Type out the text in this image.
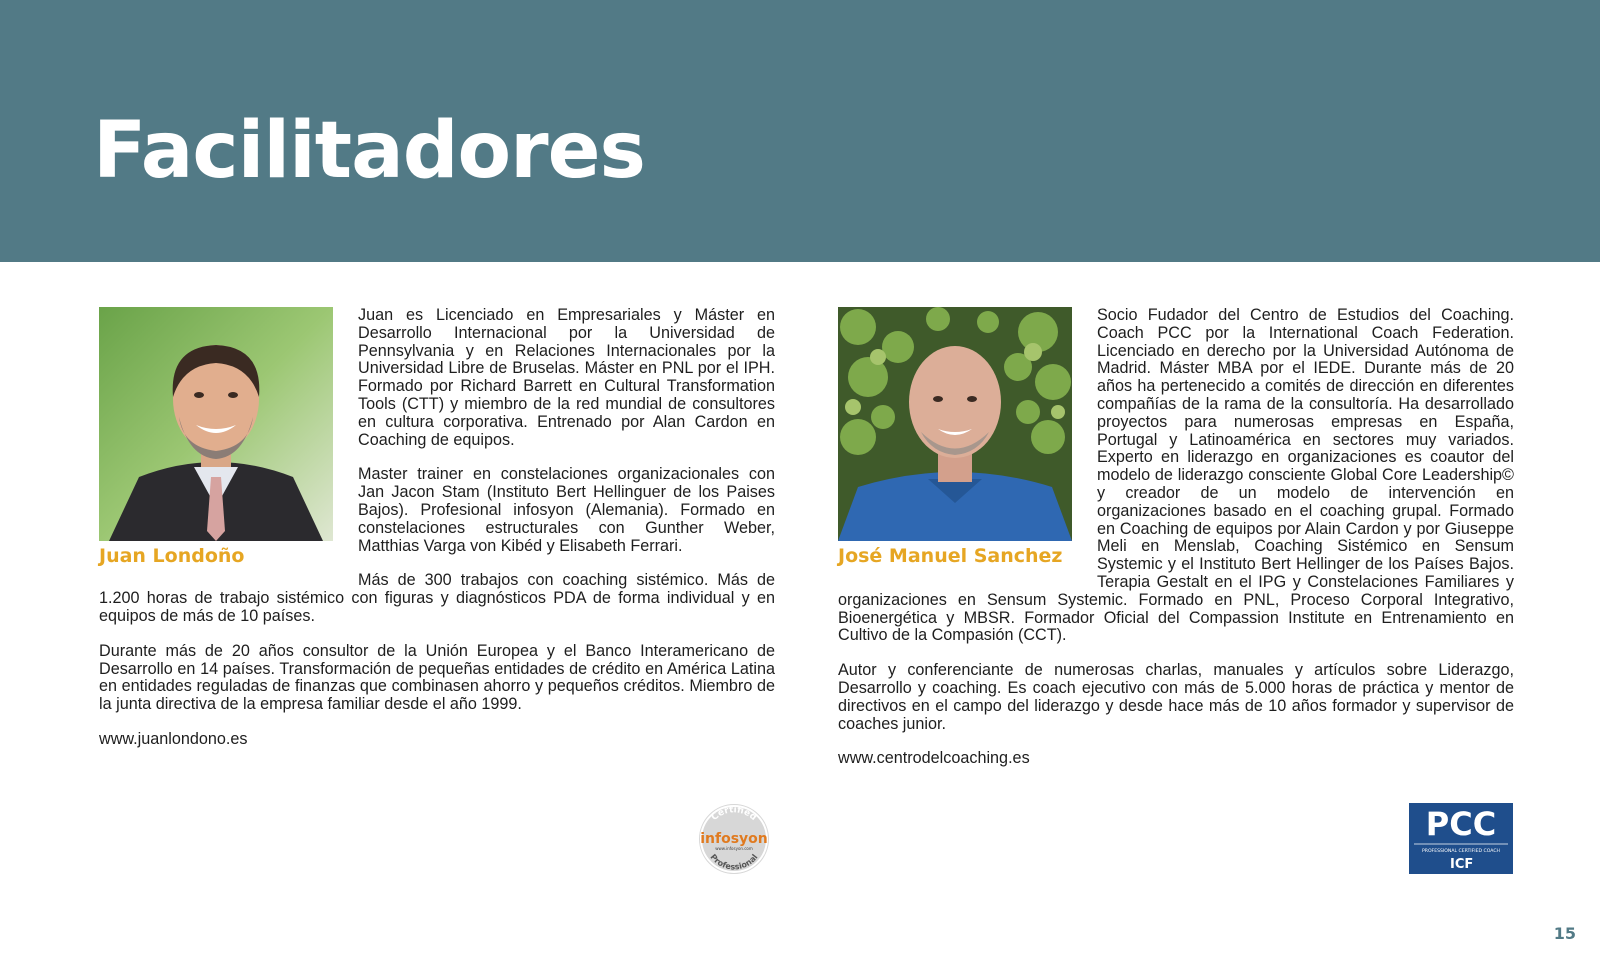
Facilitadores
Juan Londoño

Juan es Licenciado en Empresariales y Máster en Desarrollo Internacional por la Universidad de Pennsylvania y en Relaciones Internacionales por la Universidad Libre de Bruselas. Máster en PNL por el IPH. Formado por Richard Barrett en Cultural Transformation Tools (CTT) y miembro de la red mundial de consultores en cultura corporativa. Entrenado por Alan Cardon en Coaching de equipos.

Master trainer en constelaciones organizacionales con Jan Jacon Stam (Instituto Bert Hellinguer de los Paises Bajos). Profesional infosyon (Alemania). Formado en constelaciones estructurales con Gunther Weber, Matthias Varga von Kibéd y Elisabeth Ferrari.

Más de 300 trabajos con coaching sistémico. Más de 1.200 horas de trabajo sistémico con figuras y diagnósticos PDA de forma individual y en equipos de más de 10 países.

Durante más de 20 años consultor de la Unión Europea y el Banco Interamericano de Desarrollo en 14 países. Transformación de pequeñas entidades de crédito en América Latina en entidades reguladas de finanzas que combinasen ahorro y pequeños créditos. Miembro de la junta directiva de la empresa familiar desde el año 1999.

www.juanlondono.es

Certified
infosyon
www.infosyon.com
Professional
José Manuel Sanchez

Socio Fudador del Centro de Estudios del Coaching. Coach PCC por la International Coach Federation. Licenciado en derecho por la Universidad Autónoma de Madrid. Máster MBA por el IEDE. Durante más de 20 años ha pertenecido a comités de dirección en diferentes compañías de la rama de la consultoría. Ha desarrollado proyectos para numerosas empresas en España, Portugal y Latinoamérica en sectores muy variados. Experto en liderazgo en organizaciones es coautor del modelo de liderazgo consciente Global Core Leadership© y creador de un modelo de intervención en organizaciones basado en el coaching grupal. Formado en Coaching de equipos por Alain Cardon y por Giuseppe Meli en Menslab, Coaching Sistémico en Sensum Systemic y el Instituto Bert Hellinger de los Países Bajos. Terapia Gestalt en el IPG y Constelaciones Familiares y organizaciones en Sensum Systemic. Formado en PNL, Proceso Corporal Integrativo, Bioenergética y MBSR. Formador Oficial del Compassion Institute en Entrenamiento en Cultivo de la Compasión (CCT).

Autor y conferenciante de numerosas charlas, manuales y artículos sobre Liderazgo, Desarrollo y coaching. Es coach ejecutivo con más de 5.000 horas de práctica y mentor de directivos en el campo del liderazgo y desde hace más de 10 años formador y supervisor de coaches junior.

www.centrodelcoaching.es

PCC
PROFESSIONAL CERTIFIED COACH
ICF
15
